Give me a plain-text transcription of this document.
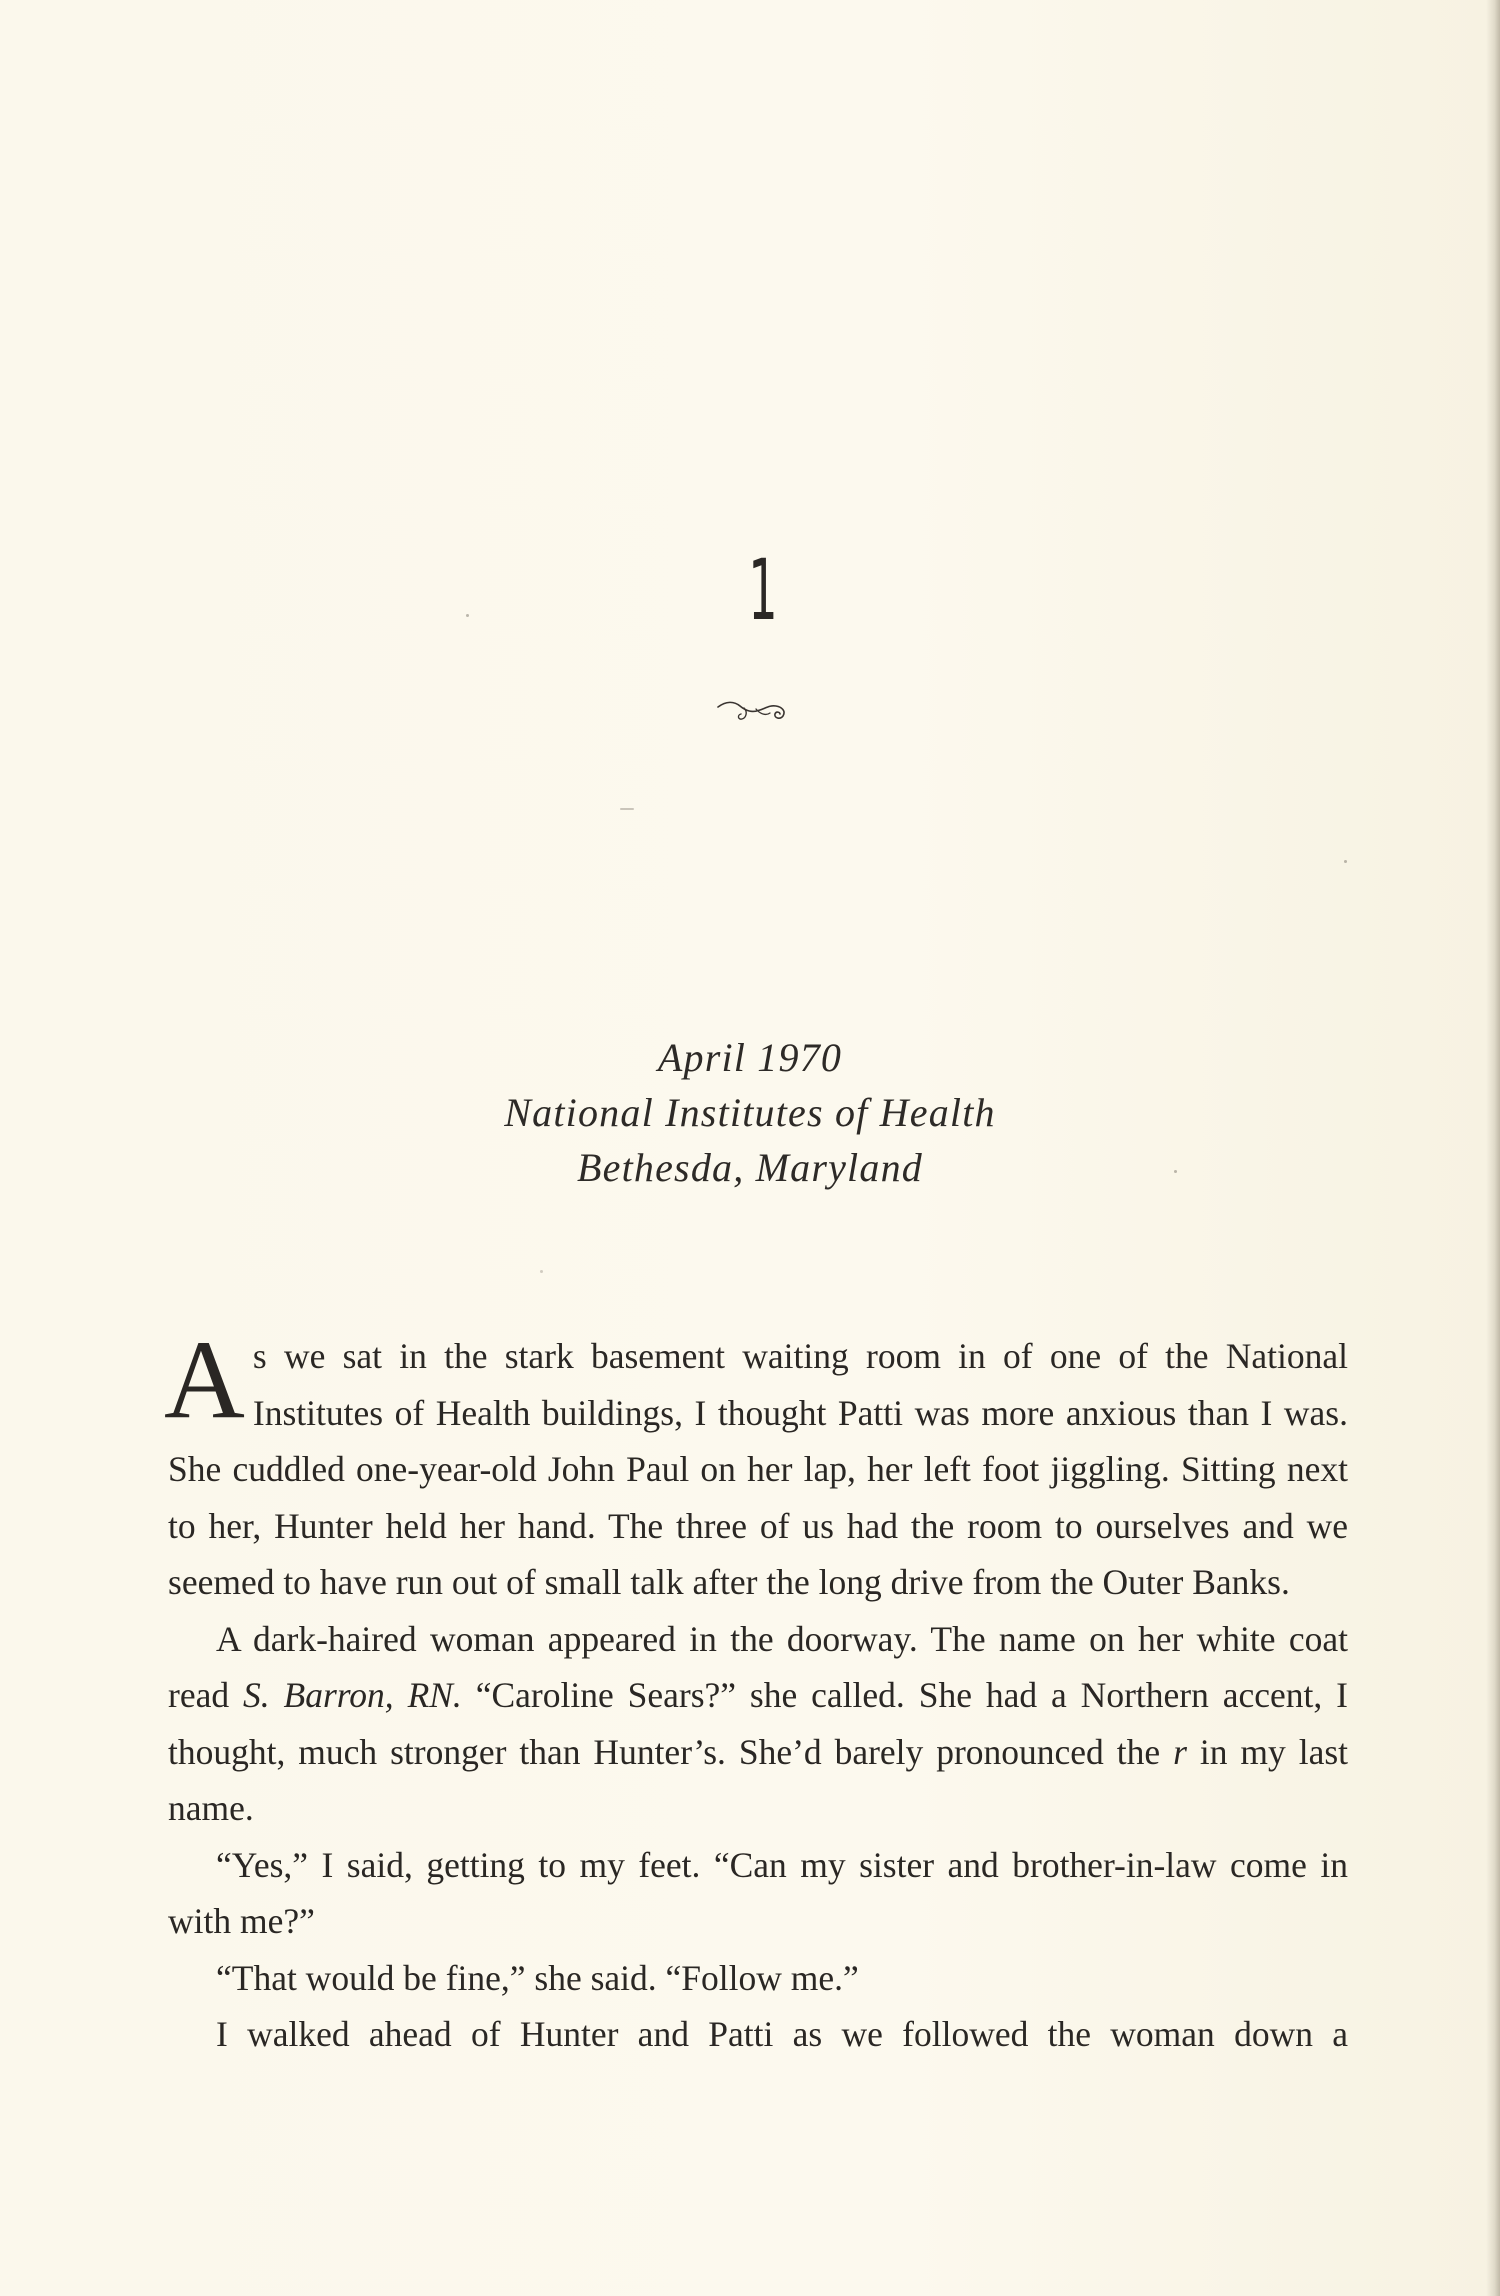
1
April 1970
National Institutes of Health
Bethesda, Maryland

As we sat in the stark basement waiting room in of one of the National Institutes of Health buildings, I thought Patti was more anxious than I was. She cuddled one-year-old John Paul on her lap, her left foot jiggling. Sitting next to her, Hunter held her hand. The three of us had the room to ourselves and we seemed to have run out of small talk after the long drive from the Outer Banks.

A dark-haired woman appeared in the doorway. The name on her white coat read S. Barron, RN. “Caroline Sears?” she called. She had a Northern accent, I thought, much stronger than Hunter’s. She’d barely pronounced the r in my last name.

“Yes,” I said, getting to my feet. “Can my sister and brother-in-law come in with me?”

“That would be fine,” she said. “Follow me.”

I walked ahead of Hunter and Patti as we followed the woman down a
